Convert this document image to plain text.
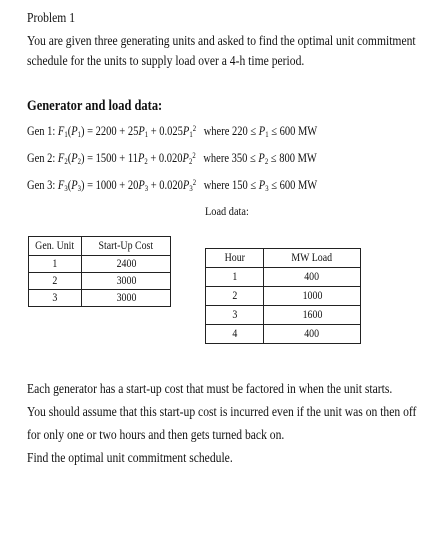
Problem 1
You are given three generating units and asked to find the optimal unit commitment
schedule for the units to supply load over a 4-h time period.
Generator and load data:
Gen 1: $F_1(P_1) = 2200 + 25P_1 + 0.025P_1^2$ where $220 \le P_1 \le 600$ MW
Gen 2: $F_2(P_2) = 1500 + 11P_2 + 0.020P_2^2$ where $350 \le P_2 \le 800$ MW
Gen 3: $F_3(P_3) = 1000 + 20P_3 + 0.020P_3^2$ where $150 \le P_3 \le 600$ MW
Gen. Unit	Start-Up Cost
1	2400
2	3000
3	3000
Load data:
Hour	MW Load
1	400
2	1000
3	1600
4	400
Each generator has a start-up cost that must be factored in when the unit starts.
You should assume that this start-up cost is incurred even if the unit was on then off
for only one or two hours and then gets turned back on.
Find the optimal unit commitment schedule.
